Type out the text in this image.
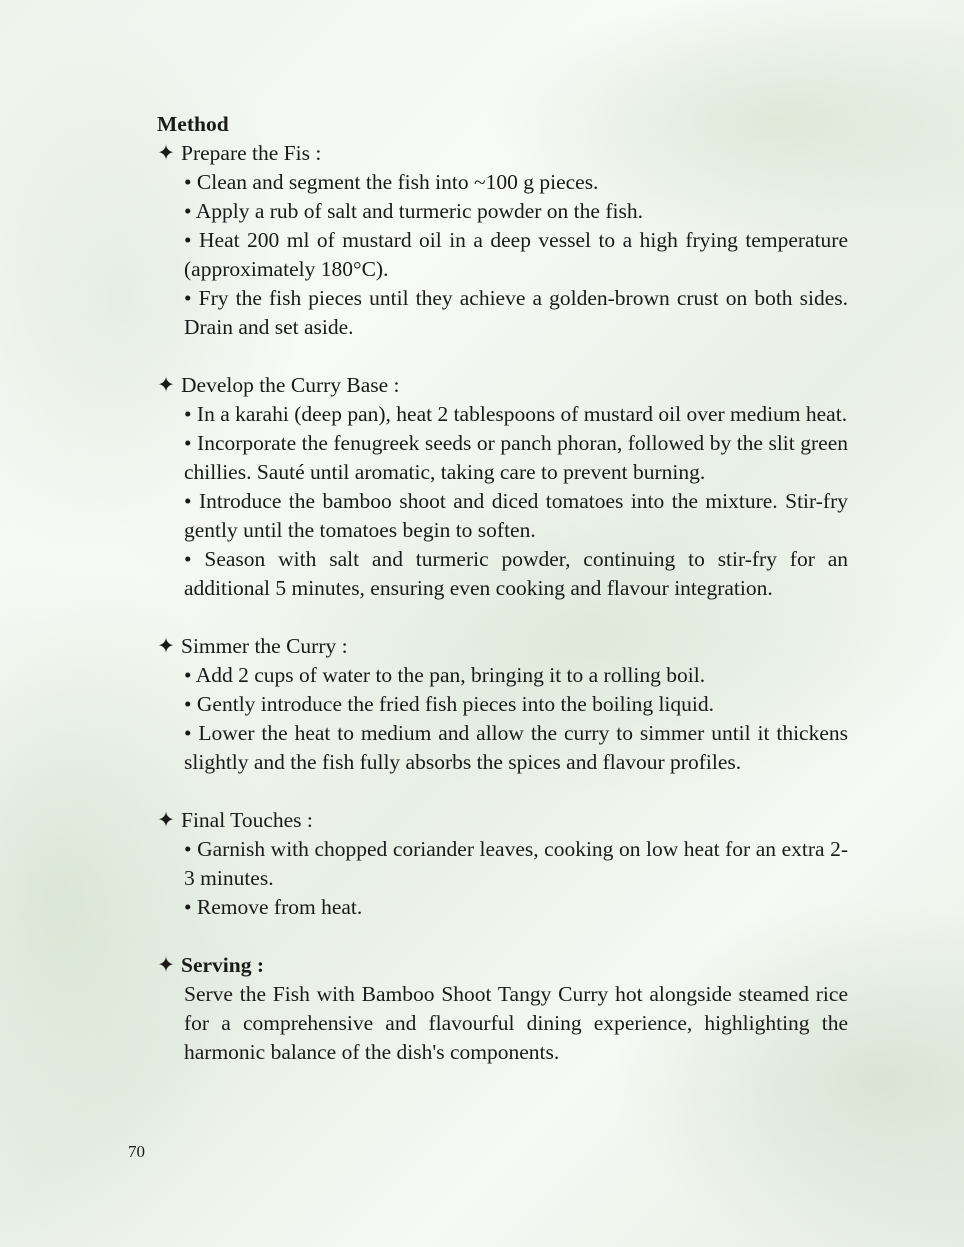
Method

✦ Prepare the Fis :

• Clean and segment the fish into ~100 g pieces.
• Apply a rub of salt and turmeric powder on the fish.
• Heat 200 ml of mustard oil in a deep vessel to a high frying temperature (approximately 180°C).
• Fry the fish pieces until they achieve a golden-brown crust on both sides. Drain and set aside.

✦ Develop the Curry Base :

• In a karahi (deep pan), heat 2 tablespoons of mustard oil over medium heat.
• Incorporate the fenugreek seeds or panch phoran, followed by the slit green chillies. Sauté until aromatic, taking care to prevent burning.
• Introduce the bamboo shoot and diced tomatoes into the mixture. Stir-fry gently until the tomatoes begin to soften.
• Season with salt and turmeric powder, continuing to stir-fry for an additional 5 minutes, ensuring even cooking and flavour integration.

✦ Simmer the Curry :

• Add 2 cups of water to the pan, bringing it to a rolling boil.
• Gently introduce the fried fish pieces into the boiling liquid.
• Lower the heat to medium and allow the curry to simmer until it thickens slightly and the fish fully absorbs the spices and flavour profiles.

✦ Final Touches :

• Garnish with chopped coriander leaves, cooking on low heat for an extra 2-3 minutes.
• Remove from heat.

✦ Serving :

Serve the Fish with Bamboo Shoot Tangy Curry hot alongside steamed rice for a comprehensive and flavourful dining experience, highlighting the harmonic balance of the dish's components.

70
